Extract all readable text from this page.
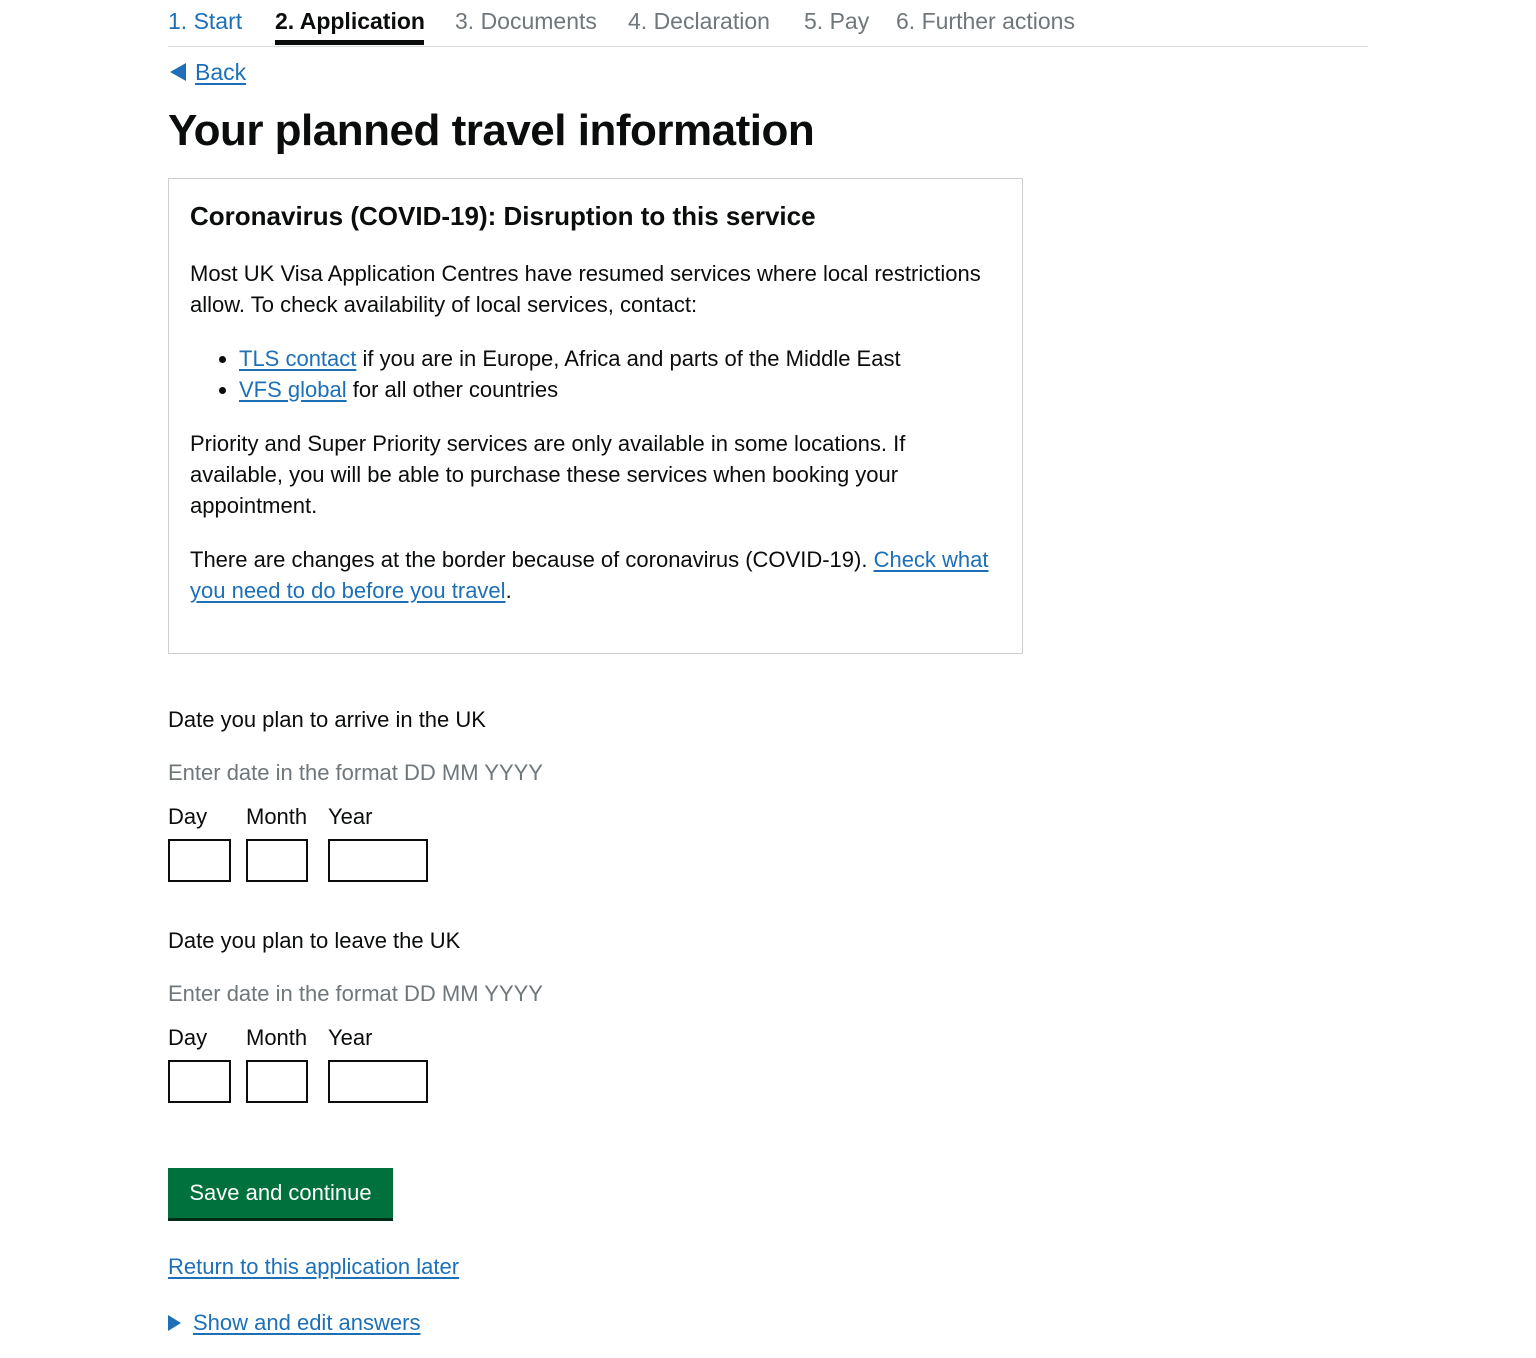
1. Start 2. Application 3. Documents 4. Declaration 5. Pay 6. Further actions
Back
Your planned travel information
Coronavirus (COVID-19): Disruption to this service

Most UK Visa Application Centres have resumed services where local restrictions allow. To check availability of local services, contact:

• TLS contact if you are in Europe, Africa and parts of the Middle East
• VFS global for all other countries

Priority and Super Priority services are only available in some locations. If available, you will be able to purchase these services when booking your appointment.

There are changes at the border because of coronavirus (COVID-19). Check what you need to do before you travel.

Date you plan to arrive in the UK
Enter date in the format DD MM YYYY
Day Month Year
Date you plan to leave the UK
Enter date in the format DD MM YYYY
Day Month Year
Save and continue
Return to this application later
Show and edit answers
